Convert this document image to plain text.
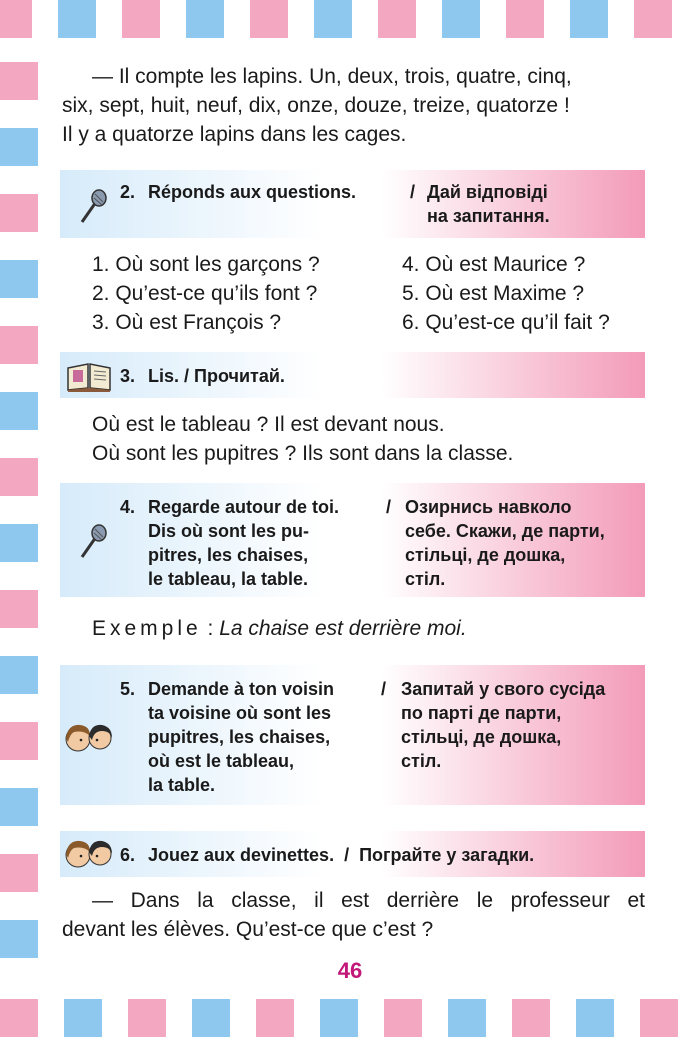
— Il compte les lapins. Un, deux, trois, quatre, cinq,
six, sept, huit, neuf, dix, onze, douze, treize, quatorze !
Il y a quatorze lapins dans les cages.
2. Réponds aux questions.	/ Дай відповіді
на запитання.
1. Où sont les garçons ?
2. Qu’est-ce qu’ils font ?
3. Où est François ?
4. Où est Maurice ?
5. Où est Maxime ?
6. Qu’est-ce qu’il fait ?
3. Lis. / Прочитай.
Où est le tableau ? Il est devant nous.
Où sont les pupitres ? Ils sont dans la classe.
4. Regarde autour de toi.
Dis où sont les pu-
pitres, les chaises,
le tableau, la table.
/ Озирнись навколо
себе. Скажи, де парти,
стільці, де дошка,
стіл.
Exemple : La chaise est derrière moi.
5. Demande à ton voisin
ta voisine où sont les
pupitres, les chaises,
où est le tableau,
la table.
/ Запитай у свого сусіда
по парті де парти,
стільці, де дошка,
стіл.
6. Jouez aux devinettes.  /  Пограйте у загадки.
— Dans la classe, il est derrière le professeur et
devant les élèves. Qu’est-ce que c’est ?
46
